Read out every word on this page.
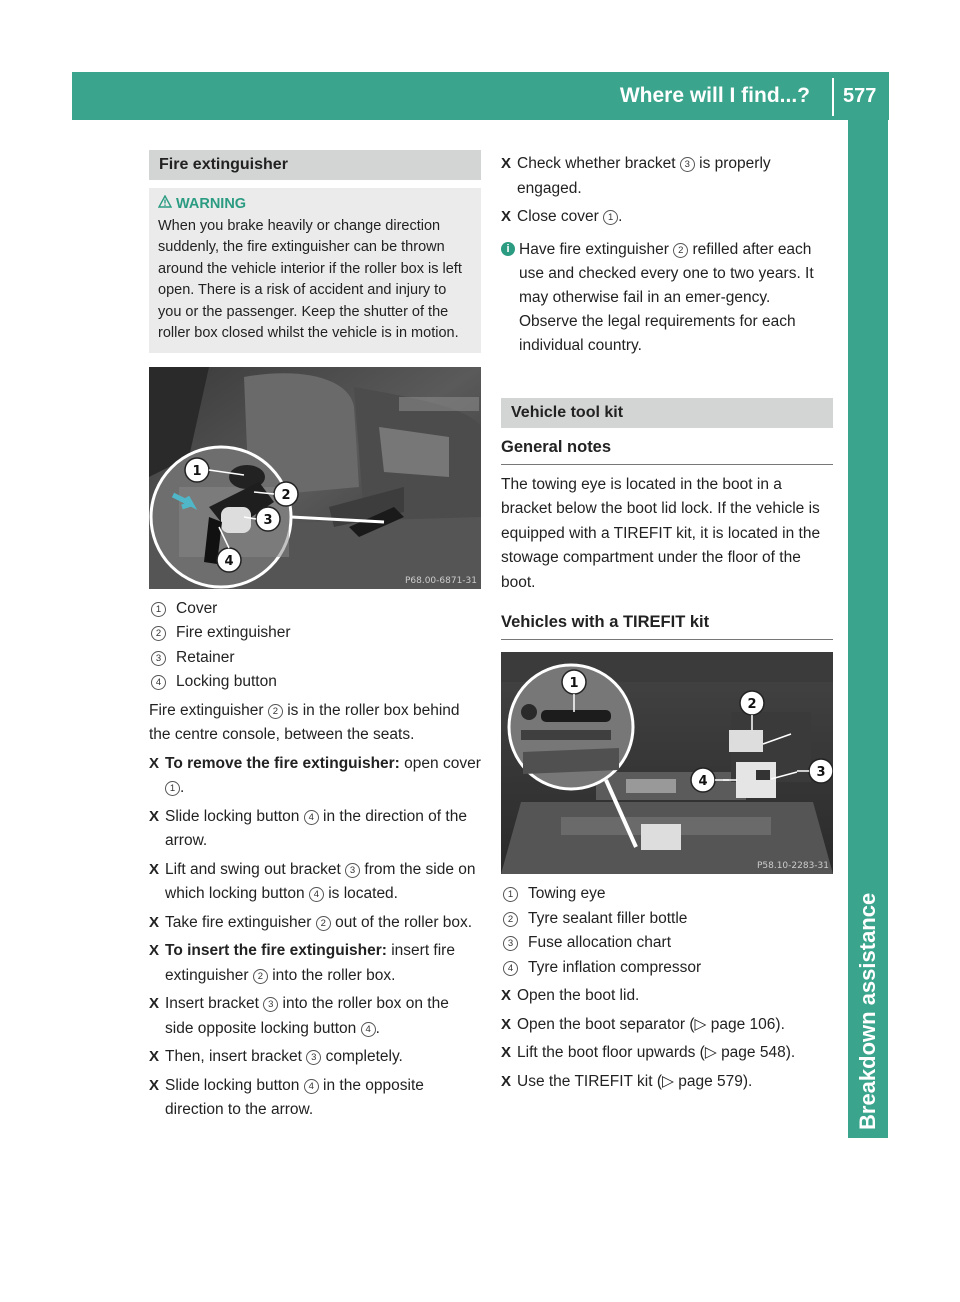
Where will I find...? 577
Breakdown assistance
Fire extinguisher
WARNING
When you brake heavily or change direction suddenly, the fire extinguisher can be thrown around the vehicle interior if the roller box is left open. There is a risk of accident and injury to you or the passenger. Keep the shutter of the roller box closed whilst the vehicle is in motion.
1
2
3
4
P68.00-6871-31
1 Cover
2 Fire extinguisher
3 Retainer
4 Locking button

Fire extinguisher 2 is in the roller box behind the centre console, between the seats.

X To remove the fire extinguisher: open cover 1 .
X Slide locking button 4 in the direction of the arrow.
X Lift and swing out bracket 3 from the side on which locking button 4 is located.
X Take fire extinguisher 2 out of the roller box.
X To insert the fire extinguisher: insert fire extinguisher 2 into the roller box.
X Insert bracket 3 into the roller box on the side opposite locking button 4 .
X Then, insert bracket 3 completely.
X Slide locking button 4 in the opposite direction to the arrow.
X Check whether bracket 3 is properly engaged.
X Close cover 1 .
i Have fire extinguisher 2 refilled after each use and checked every one to two years. It may otherwise fail in an emer-gency.

Observe the legal requirements for each individual country.

Vehicle tool kit
General notes

The towing eye is located in the boot in a bracket below the boot lid lock. If the vehicle is equipped with a TIREFIT kit, it is located in the stowage compartment under the floor of the boot.

Vehicles with a TIREFIT kit
1
2
3
4
P58.10-2283-31
1 Towing eye
2 Tyre sealant filler bottle
3 Fuse allocation chart
4 Tyre inflation compressor
X Open the boot lid.
X Open the boot separator (▷ page 106).
X Lift the boot floor upwards (▷ page 548).
X Use the TIREFIT kit (▷ page 579).
